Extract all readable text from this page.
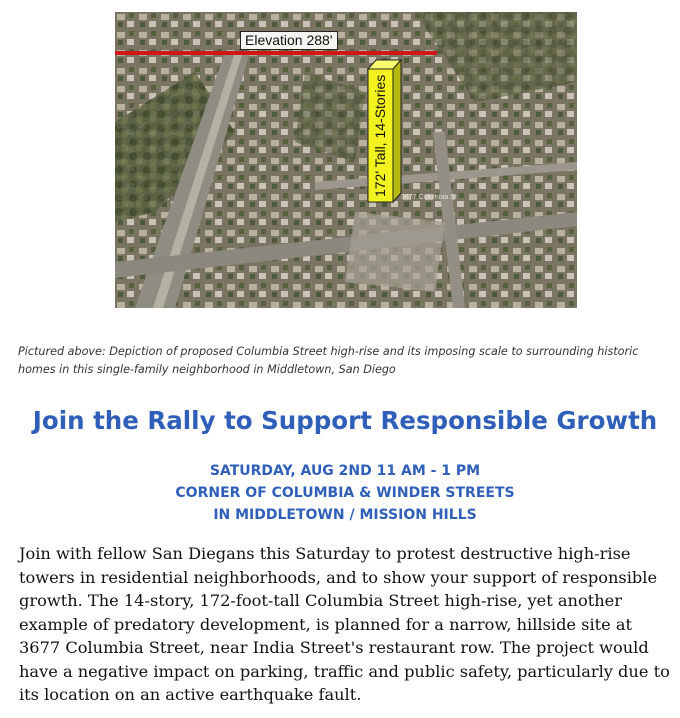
172' Tall, 14-Stories
3677 Columbia St
Elevation 288'

Pictured above: Depiction of proposed Columbia Street high-rise and its imposing scale to surrounding historic homes in this single-family neighborhood in Middletown, San Diego

Join the Rally to Support Responsible Growth
SATURDAY, AUG 2ND 11 AM - 1 PM
CORNER OF COLUMBIA & WINDER STREETS
IN MIDDLETOWN / MISSION HILLS

Join with fellow San Diegans this Saturday to protest destructive high-rise towers in residential neighborhoods, and to show your support of responsible growth. The 14-story, 172-foot-tall Columbia Street high-rise, yet another example of predatory development, is planned for a narrow, hillside site at 3677 Columbia Street, near India Street's restaurant row. The project would have a negative impact on parking, traffic and public safety, particularly due to its location on an active earthquake fault.
